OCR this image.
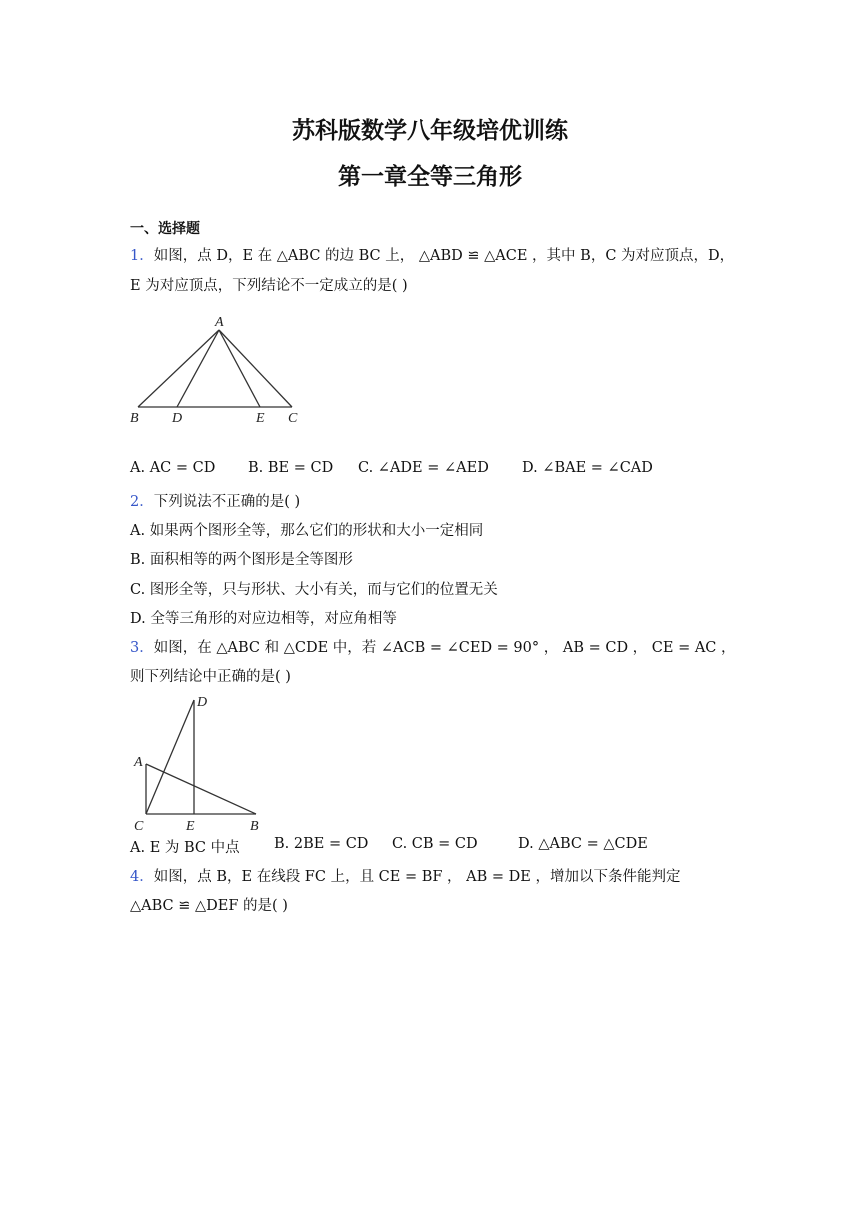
苏科版数学八年级培优训练
第一章全等三角形
一、选择题
1．如图，点 D，E 在 △ABC 的边 BC 上， △ABD ≌ △ACE ，其中 B，C 为对应顶点，D，
E 为对应顶点，下列结论不一定成立的是( )
A
B D	E C
A. AC = CD B. BE = CD C. ∠ADE = ∠AED D. ∠BAE = ∠CAD
2．下列说法不正确的是( )
A. 如果两个图形全等，那么它们的形状和大小一定相同
B. 面积相等的两个图形是全等图形
C. 图形全等，只与形状、大小有关，而与它们的位置无关
D. 全等三角形的对应边相等，对应角相等
3．如图，在 △ABC 和 △CDE 中，若 ∠ACB = ∠CED = 90° ， AB = CD ， CE = AC ，
则下列结论中正确的是( )
D
A
C	E	B
A. E 为 BC 中点 B. 2BE = CD C. CB = CD	D. △ABC = △CDE
4．如图，点 B，E 在线段 FC 上，且 CE = BF ， AB = DE ，增加以下条件能判定
△ABC ≌ △DEF 的是( )
